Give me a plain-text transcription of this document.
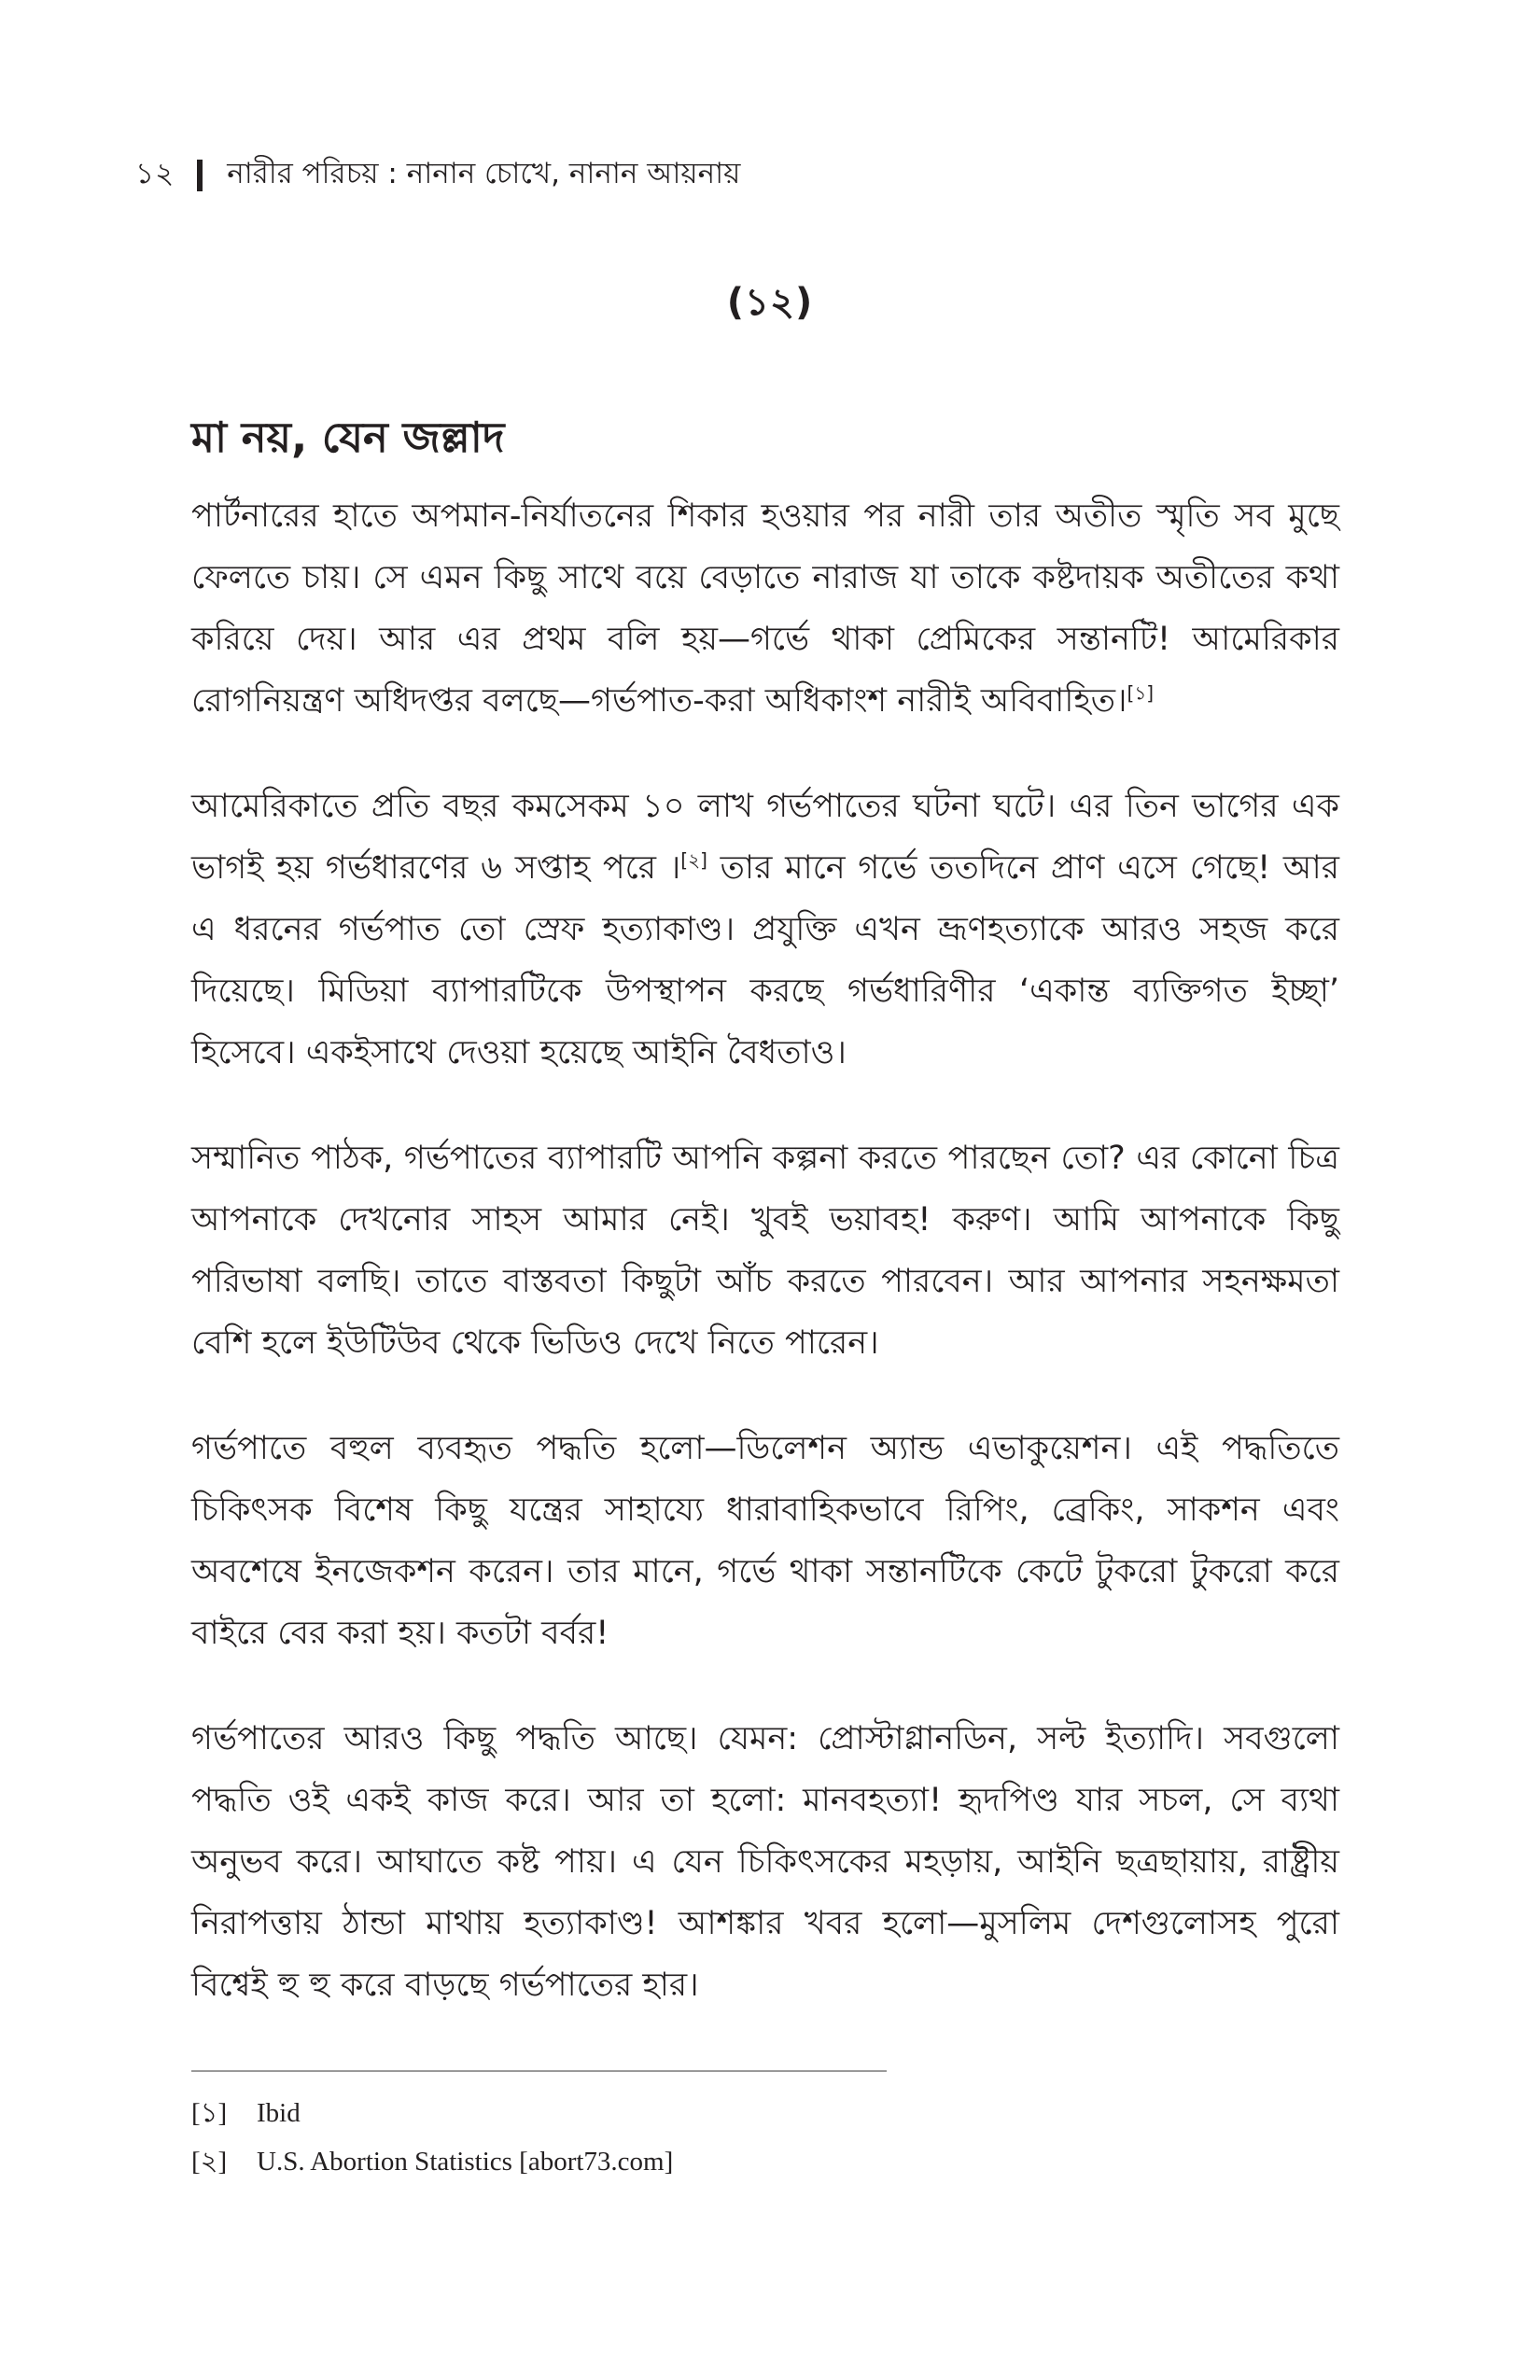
১২ নারীর পরিচয় : নানান চোখে, নানান আয়নায়
(১২)
মা নয়, যেন জল্লাদ

পার্টনারের হাতে অপমান-নির্যাতনের শিকার হওয়ার পর নারী তার অতীত স্মৃতি সব মুছে ফেলতে চায়। সে এমন কিছু সাথে বয়ে বেড়াতে নারাজ যা তাকে কষ্টদায়ক অতীতের কথা করিয়ে দেয়। আর এর প্রথম বলি হয়—গর্ভে থাকা প্রেমিকের সন্তানটি! আমেরিকার রোগনিয়ন্ত্রণ অধিদপ্তর বলছে—গর্ভপাত-করা অধিকাংশ নারীই অবিবাহিত।[১]

আমেরিকাতে প্রতি বছর কমসেকম ১০ লাখ গর্ভপাতের ঘটনা ঘটে। এর তিন ভাগের এক ভাগই হয় গর্ভধারণের ৬ সপ্তাহ পরে ।[২] তার মানে গর্ভে ততদিনে প্রাণ এসে গেছে! আর এ ধরনের গর্ভপাত তো স্রেফ হত্যাকাণ্ড। প্রযুক্তি এখন ভ্রূণহত্যাকে আরও সহজ করে দিয়েছে। মিডিয়া ব্যাপারটিকে উপস্থাপন করছে গর্ভধারিণীর ‘একান্ত ব্যক্তিগত ইচ্ছা’ হিসেবে। একইসাথে দেওয়া হয়েছে আইনি বৈধতাও।

সম্মানিত পাঠক, গর্ভপাতের ব্যাপারটি আপনি কল্পনা করতে পারছেন তো? এর কোনো চিত্র আপনাকে দেখনোর সাহস আমার নেই। খুবই ভয়াবহ! করুণ। আমি আপনাকে কিছু পরিভাষা বলছি। তাতে বাস্তবতা কিছুটা আঁচ করতে পারবেন। আর আপনার সহনক্ষমতা বেশি হলে ইউটিউব থেকে ভিডিও দেখে নিতে পারেন।

গর্ভপাতে বহুল ব্যবহৃত পদ্ধতি হলো—ডিলেশন অ্যান্ড এভাকুয়েশন। এই পদ্ধতিতে চিকিৎসক বিশেষ কিছু যন্ত্রের সাহায্যে ধারাবাহিকভাবে রিপিং, ব্রেকিং, সাকশন এবং অবশেষে ইনজেকশন করেন। তার মানে, গর্ভে থাকা সন্তানটিকে কেটে টুকরো টুকরো করে বাইরে বের করা হয়। কতটা বর্বর!

গর্ভপাতের আরও কিছু পদ্ধতি আছে। যেমন: প্রোস্টাগ্লানডিন, সল্ট ইত্যাদি। সবগুলো পদ্ধতি ওই একই কাজ করে। আর তা হলো: মানবহত্যা! হৃদপিণ্ড যার সচল, সে ব্যথা অনুভব করে। আঘাতে কষ্ট পায়। এ যেন চিকিৎসকের মহড়ায়, আইনি ছত্রছায়ায়, রাষ্ট্রীয় নিরাপত্তায় ঠান্ডা মাথায় হত্যাকাণ্ড! আশঙ্কার খবর হলো—মুসলিম দেশগুলোসহ পুরো বিশ্বেই হু হু করে বাড়ছে গর্ভপাতের হার।

[১] Ibid
[২] U.S. Abortion Statistics [abort73.com]
